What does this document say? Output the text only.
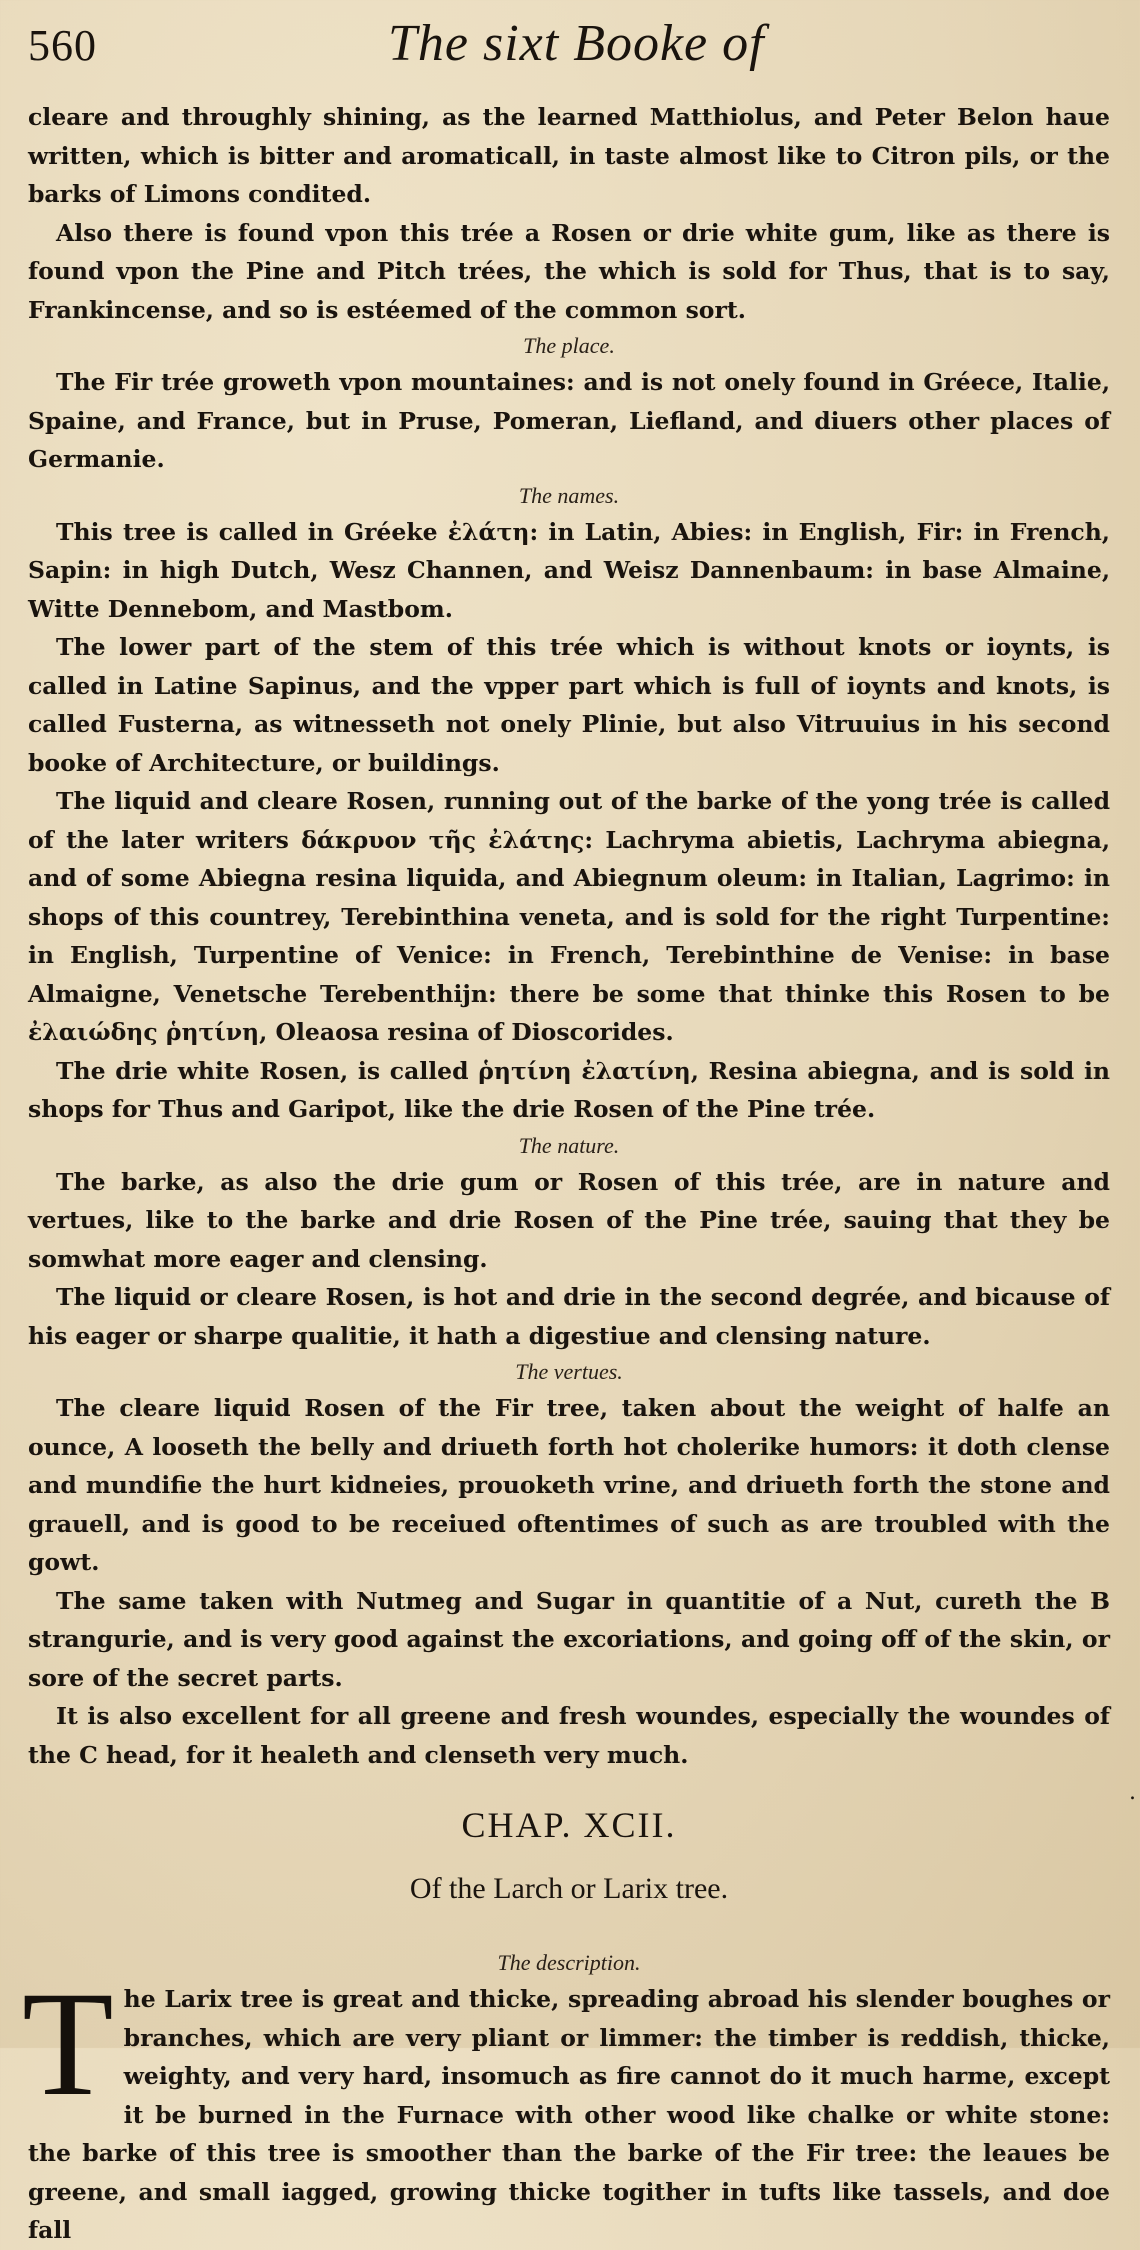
560	The sixt Booke of

cleare and throughly shining, as the learned Matthiolus, and Peter Belon haue written, which is bitter and aromaticall, in taste almost like to Citron pils, or the barks of Limons condited.

Also there is found vpon this trée a Rosen or drie white gum, like as there is found vpon the Pine and Pitch trées, the which is sold for Thus, that is to say, Frankincense, and so is estéemed of the common sort.

The place.

The Fir trée groweth vpon mountaines: and is not onely found in Gréece, Italie, Spaine, and France, but in Pruse, Pomeran, Liefland, and diuers other places of Germanie.

The names.

This tree is called in Gréeke ἐλάτη: in Latin, Abies: in English, Fir: in French, Sapin: in high Dutch, Wesz Channen, and Weisz Dannenbaum: in base Almaine, Witte Dennebom, and Mastbom.

The lower part of the stem of this trée which is without knots or ioynts, is called in Latine Sapinus, and the vpper part which is full of ioynts and knots, is called Fusterna, as witnesseth not onely Plinie, but also Vitruuius in his second booke of Architecture, or buildings.

The liquid and cleare Rosen, running out of the barke of the yong trée is called of the later writers δάκρυον τῆς ἐλάτης: Lachryma abietis, Lachryma abiegna, and of some Abiegna resina liquida, and Abiegnum oleum: in Italian, Lagrimo: in shops of this countrey, Terebinthina veneta, and is sold for the right Turpentine: in English, Turpentine of Venice: in French, Terebinthine de Venise: in base Almaigne, Venetsche Terebenthijn: there be some that thinke this Rosen to be ἐλαιώδης ῥητίνη, Oleaosa resina of Dioscorides.

The drie white Rosen, is called ῥητίνη ἐλατίνη, Resina abiegna, and is sold in shops for Thus and Garipot, like the drie Rosen of the Pine trée.

The nature.

The barke, as also the drie gum or Rosen of this trée, are in nature and vertues, like to the barke and drie Rosen of the Pine trée, sauing that they be somwhat more eager and clensing.

The liquid or cleare Rosen, is hot and drie in the second degrée, and bicause of his eager or sharpe qualitie, it hath a digestiue and clensing nature.

The vertues.

The cleare liquid Rosen of the Fir tree, taken about the weight of halfe an ounce, A looseth the belly and driueth forth hot cholerike humors: it doth clense and mundifie the hurt kidneies, prouoketh vrine, and driueth forth the stone and grauell, and is good to be receiued oftentimes of such as are troubled with the gowt.

The same taken with Nutmeg and Sugar in quantitie of a Nut, cureth the B strangurie, and is very good against the excoriations, and going off of the skin, or sore of the secret parts.

It is also excellent for all greene and fresh woundes, especially the woundes of the C head, for it healeth and clenseth very much.

CHAP. XCII.
Of the Larch or Larix tree.
The description.
T he Larix tree is great and thicke, spreading abroad his slender boughes or branches, which are very pliant or limmer: the timber is reddish, thicke, weighty, and very hard, insomuch as fire cannot do it much harme, except it be burned in the Furnace with other wood like chalke or white stone: the barke of this tree is smoother than the barke of the Fir tree: the leaues be greene, and small iagged, growing thicke togither in tufts like tassels, and doe fall
.
